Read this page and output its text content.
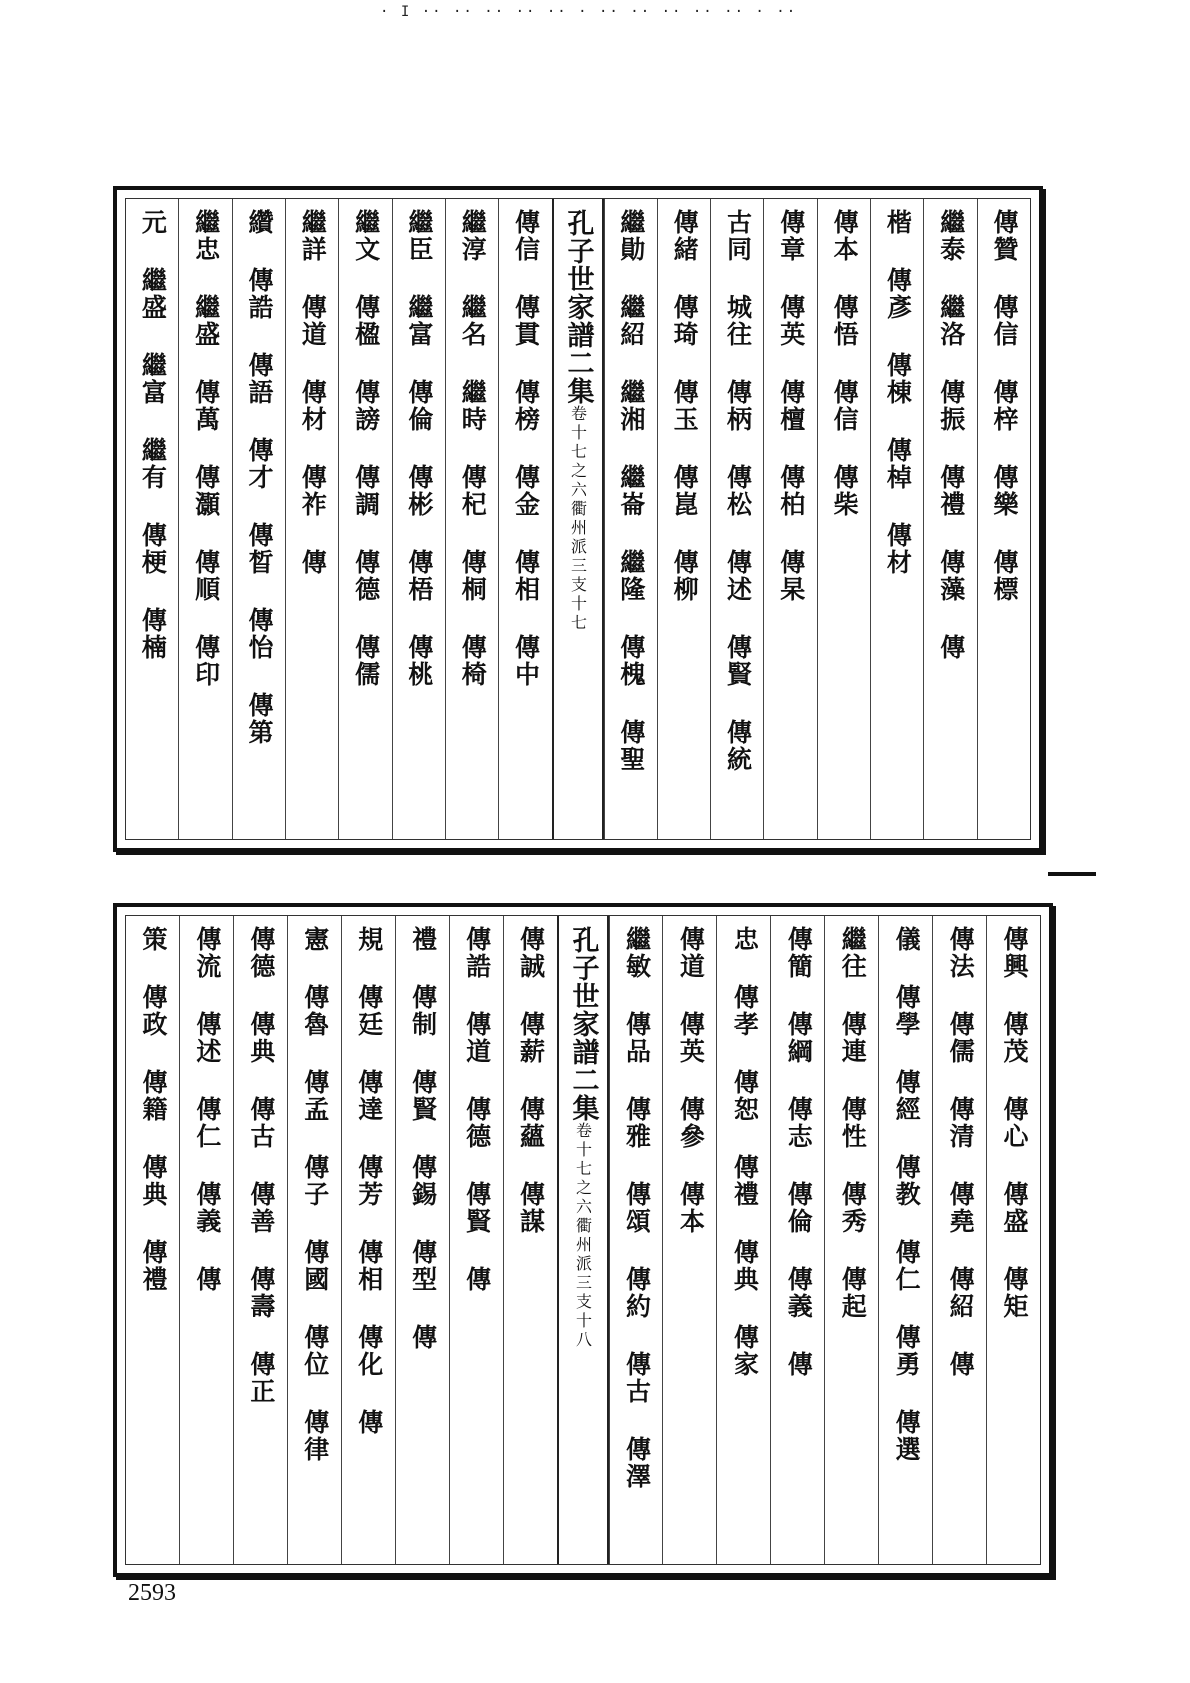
· I ·· ·· ·· ·· ·· · ·· ·· ·· ·· ·· · ··
傳贊 傳信 傳梓 傳樂 傳標
繼泰 繼洛 傳振 傳禮 傳藻 傳
楷 傳彥 傳棟 傳棹 傳材
傳本 傳悟 傳信 傳柴
傳章 傳英 傳檀 傳柏 傳杲
古同 城往 傳柄 傳松 傳述 傳賢 傳統
傳緒 傳琦 傳玉 傳崑 傳柳
繼勛 繼紹 繼湘 繼崙 繼隆 傳槐 傳聖
孔子世家譜二集卷十七之六衢州派三支十七
傳信 傳貫 傳榜 傳金 傳相 傳中
繼淳 繼名 繼時 傳杞 傳桐 傳椅
繼臣 繼富 傳倫 傳彬 傳梧 傳桃
繼文 傳楹 傳謗 傳調 傳德 傳儒
繼詳 傳道 傳材 傳祚 傳
纘 傳誥 傳語 傳才 傳晳 傳怡 傳第
繼忠 繼盛 傳萬 傳灝 傳順 傳印
元 繼盛 繼富 繼有 傳梗 傳楠
傳興 傳茂 傳心 傳盛 傳矩
傳法 傳儒 傳清 傳堯 傳紹 傳
儀 傳學 傳經 傳教 傳仁 傳勇 傳選
繼往 傳連 傳性 傳秀 傳起
傳簡 傳綱 傳志 傳倫 傳義 傳
忠 傳孝 傳恕 傳禮 傳典 傳家
傳道 傳英 傳參 傳本
繼敏 傳品 傳雅 傳頌 傳約 傳古 傳澤
孔子世家譜二集卷十七之六衢州派三支十八
傳誠 傳薪 傳蘊 傳謀
傳誥 傳道 傳德 傳賢 傳
禮 傳制 傳賢 傳錫 傳型 傳
規 傳廷 傳達 傳芳 傳相 傳化 傳
憲 傳魯 傳孟 傳子 傳國 傳位 傳律
傳德 傳典 傳古 傳善 傳壽 傳正
傳流 傳述 傳仁 傳義 傳
策 傳政 傳籍 傳典 傳禮
2593
